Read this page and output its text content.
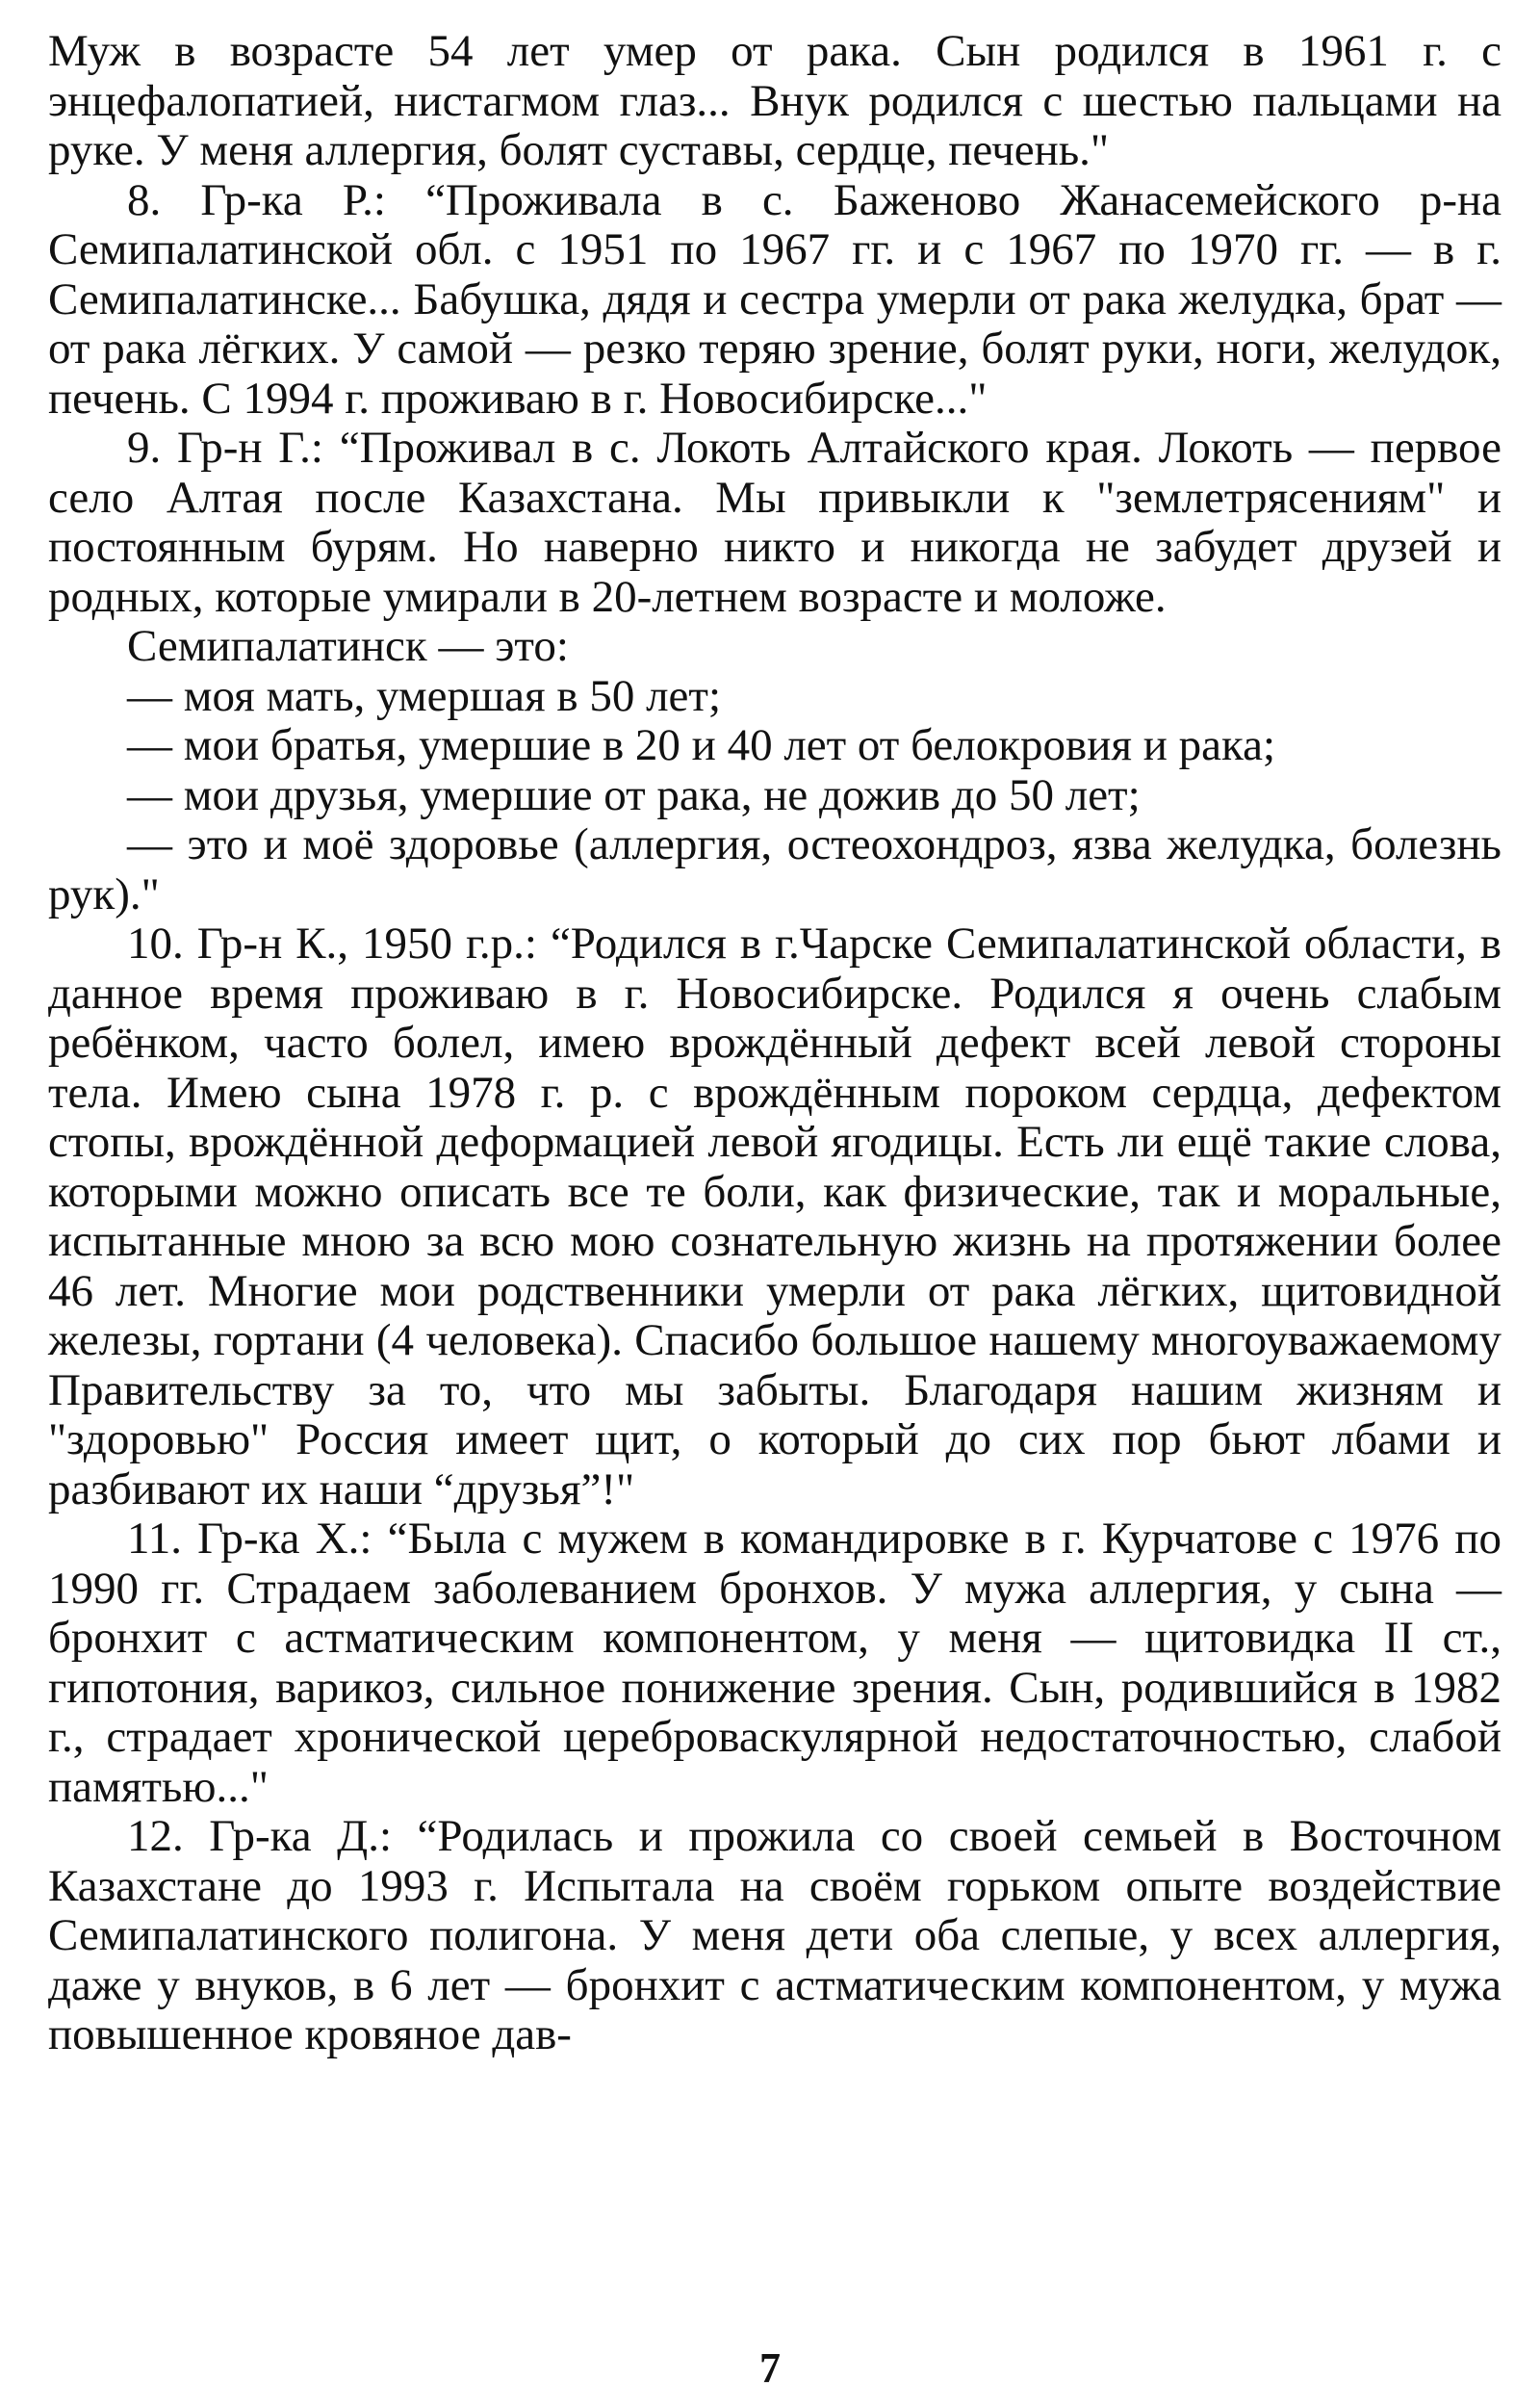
Муж в возрасте 54 лет умер от рака. Сын родился в 1961 г. с энцефалопатией, нистагмом глаз... Внук родился с шестью пальцами на руке. У меня аллергия, болят суставы, сердце, печень."

8. Гр-ка Р.: “Проживала в с. Баженово Жанасемейского р-на Семипалатинской обл. с 1951 по 1967 гг. и с 1967 по 1970 гг. — в г. Семипалатинске... Бабушка, дядя и сестра умерли от рака желудка, брат — от рака лёгких. У самой — резко теряю зрение, болят руки, ноги, желудок, печень. С 1994 г. проживаю в г. Новосибирске..."

9. Гр-н Г.: “Проживал в с. Локоть Алтайского края. Локоть — первое село Алтая после Казахстана. Мы привыкли к "землетрясениям" и постоянным бурям. Но наверно никто и никогда не забудет друзей и родных, которые умирали в 20-летнем возрасте и моложе.

Семипалатинск — это:

— моя мать, умершая в 50 лет;

— мои братья, умершие в 20 и 40 лет от белокровия и рака;

— мои друзья, умершие от рака, не дожив до 50 лет;

— это и моё здоровье (аллергия, остеохондроз, язва желудка, болезнь рук)."

10. Гр-н К., 1950 г.р.: “Родился в г.Чарске Семипалатинской области, в данное время проживаю в г. Новосибирске. Родился я очень слабым ребёнком, часто болел, имею врождённый дефект всей левой стороны тела. Имею сына 1978 г. р. с врождённым пороком сердца, дефектом стопы, врождённой деформацией левой ягодицы. Есть ли ещё такие слова, которыми можно описать все те боли, как физические, так и моральные, испытанные мною за всю мою сознательную жизнь на протяжении более 46 лет. Многие мои родственники умерли от рака лёгких, щитовидной железы, гортани (4 человека). Спасибо большое нашему многоуважаемому Правительству за то, что мы забыты. Благодаря нашим жизням и "здоровью" Россия имеет щит, о который до сих пор бьют лбами и разбивают их наши “друзья”!"

11. Гр-ка Х.: “Была с мужем в командировке в г. Курчатове с 1976 по 1990 гг. Страдаем заболеванием бронхов. У мужа аллергия, у сына — бронхит с астматическим компонентом, у меня — щитовидка II ст., гипотония, варикоз, сильное понижение зрения. Сын, родившийся в 1982 г., страдает хронической цереброваскулярной недостаточностью, слабой памятью..."

12. Гр-ка Д.: “Родилась и прожила со своей семьей в Восточном Казахстане до 1993 г. Испытала на своём горьком опыте воздействие Семипалатинского полигона. У меня дети оба слепые, у всех аллергия, даже у внуков, в 6 лет — бронхит с астматическим компонентом, у мужа повышенное кровяное дав-

7
